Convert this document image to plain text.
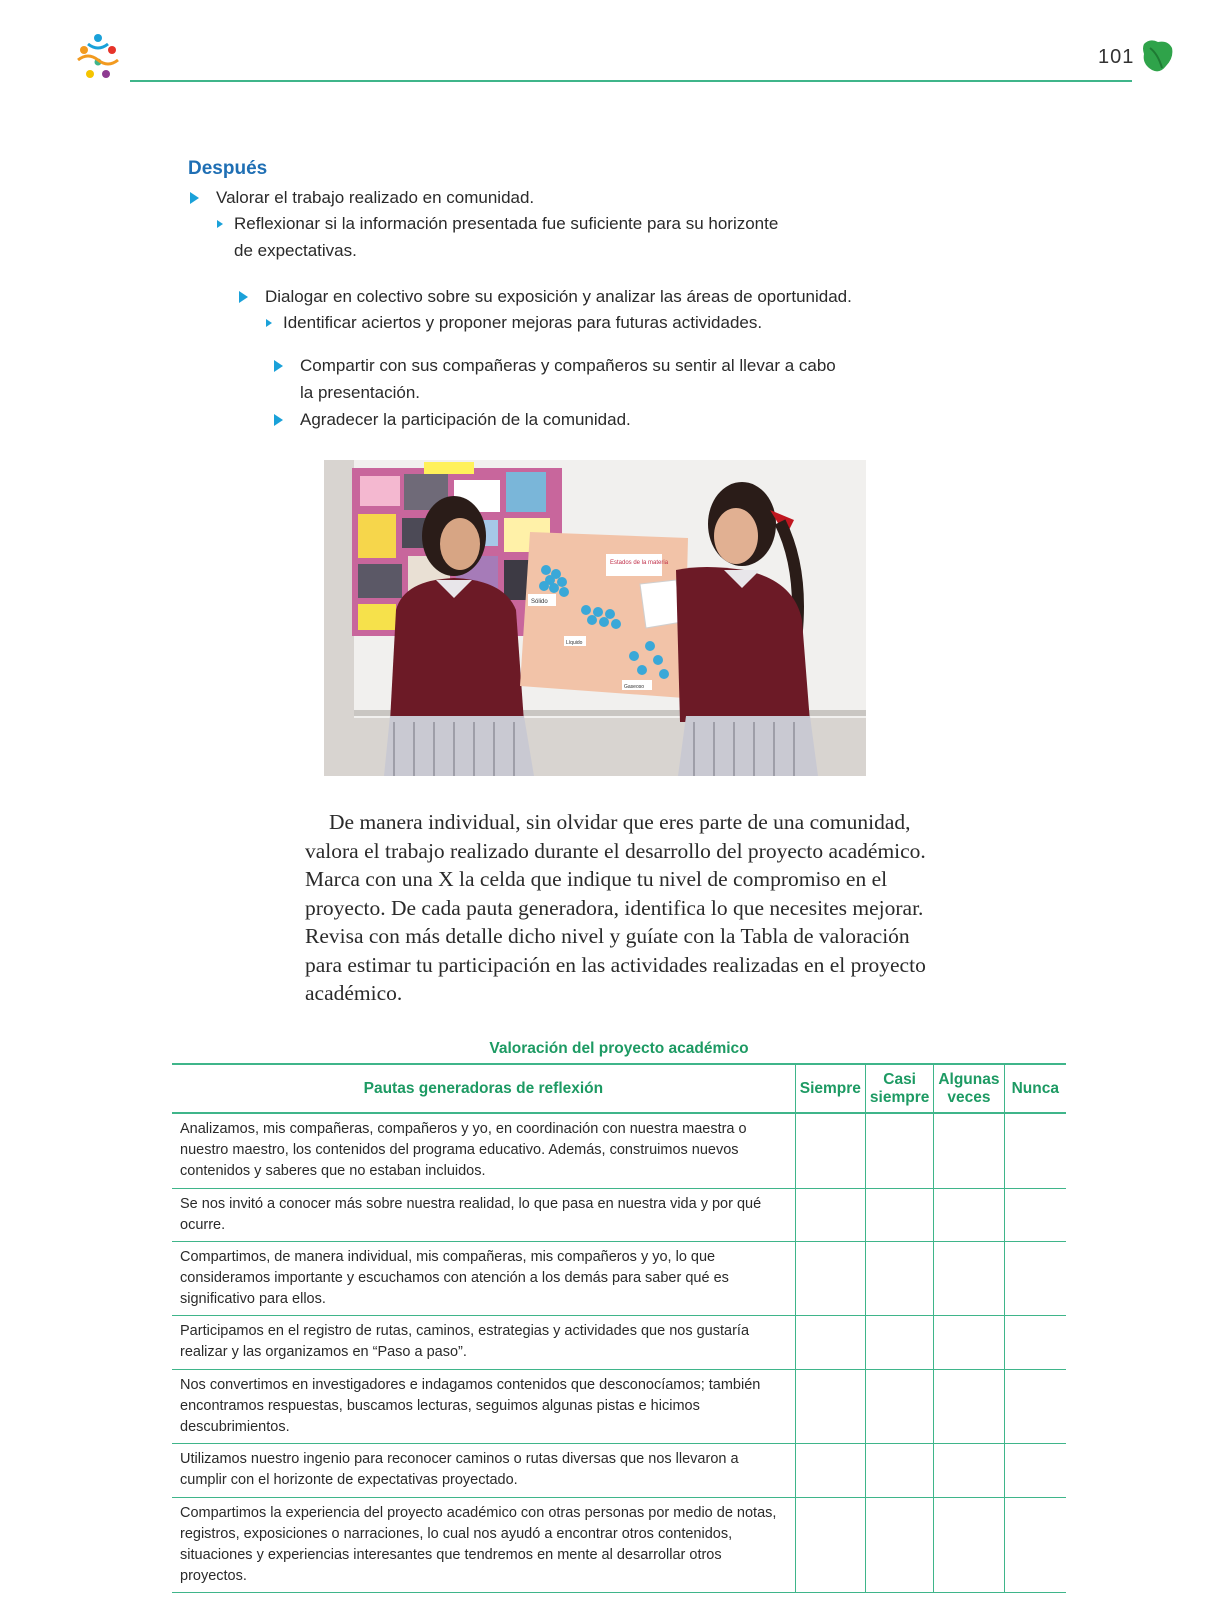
101
Después
Valorar el trabajo realizado en comunidad.
Reflexionar si la información presentada fue suficiente para su horizonte
de expectativas.
Dialogar en colectivo sobre su exposición y analizar las áreas de oportunidad.
Identificar aciertos y proponer mejoras para futuras actividades.
Compartir con sus compañeras y compañeros su sentir al llevar a cabo
la presentación.
Agradecer la participación de la comunidad.
Estados de la materia
Sólido
Líquido
Gaseoso
De manera individual, sin olvidar que eres parte de una comunidad, valora el trabajo realizado durante el desarrollo del proyecto académico. Marca con una X la celda que indique tu nivel de compromiso en el proyecto. De cada pauta generadora, identifica lo que necesites mejorar. Revisa con más detalle dicho nivel y guíate con la Tabla de valoración para estimar tu participación en las actividades realizadas en el proyecto académico.
Valoración del proyecto académico
Pautas generadoras de reflexión	Siempre	Casi siempre	Algunas veces	Nunca
Analizamos, mis compañeras, compañeros y yo, en coordinación con nuestra maestra o nuestro maestro, los contenidos del programa educativo. Además, construimos nuevos contenidos y saberes que no estaban incluidos.				
Se nos invitó a conocer más sobre nuestra realidad, lo que pasa en nuestra vida y por qué ocurre.				
Compartimos, de manera individual, mis compañeras, mis compañeros y yo, lo que consideramos importante y escuchamos con atención a los demás para saber qué es significativo para ellos.				
Participamos en el registro de rutas, caminos, estrategias y actividades que nos gustaría realizar y las organizamos en “Paso a paso”.				
Nos convertimos en investigadores e indagamos contenidos que desconocíamos; también encontramos respuestas, buscamos lecturas, seguimos algunas pistas e hicimos descubrimientos.				
Utilizamos nuestro ingenio para reconocer caminos o rutas diversas que nos llevaron a cumplir con el horizonte de expectativas proyectado.				
Compartimos la experiencia del proyecto académico con otras personas por medio de notas, registros, exposiciones o narraciones, lo cual nos ayudó a encontrar otros contenidos, situaciones y experiencias interesantes que tendremos en mente al desarrollar otros proyectos.				
